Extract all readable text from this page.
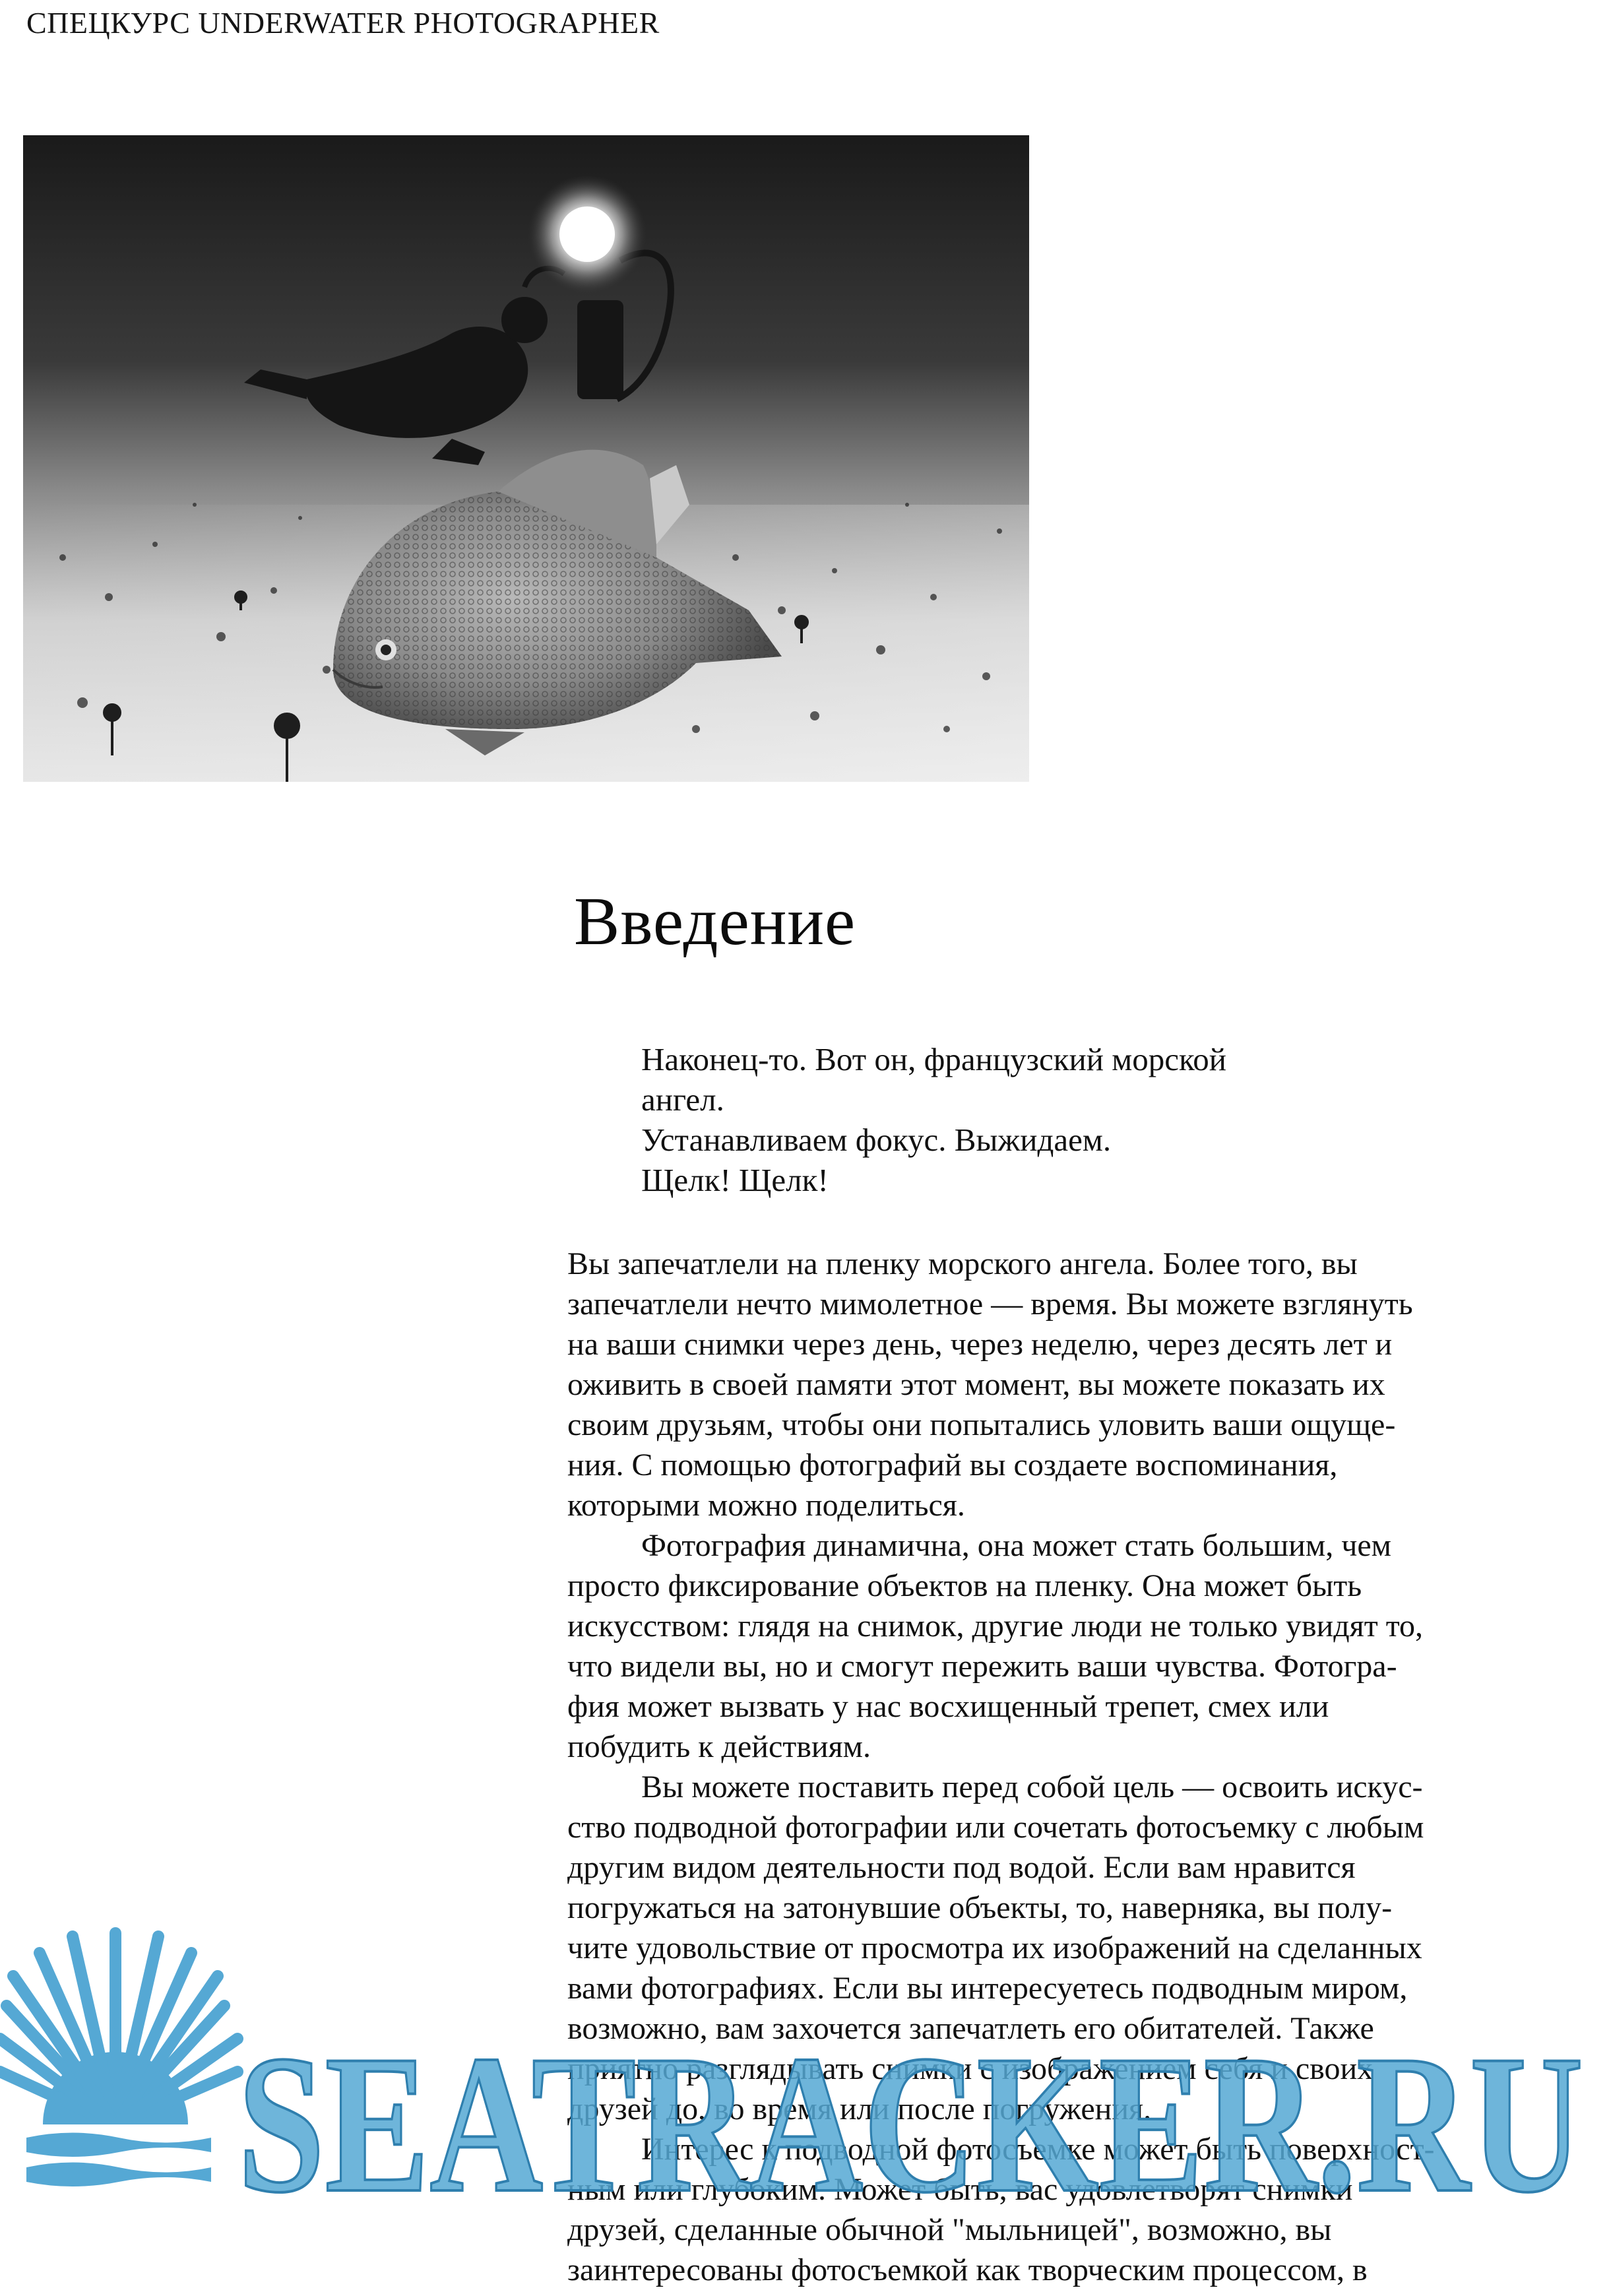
СПЕЦКУРС UNDERWATER PHOTOGRAPHER
Введение
Наконец-то. Вот он, французский морской
ангел.
Устанавливаем фокус. Выжидаем.
Щелк! Щелк!
Вы запечатлели на пленку морского ангела. Более того, вы
запечатлели нечто мимолетное — время. Вы можете взглянуть
на ваши снимки через день, через неделю, через десять лет и
оживить в своей памяти этот момент, вы можете показать их
своим друзьям, чтобы они попытались уловить ваши ощуще-
ния. С помощью фотографий вы создаете воспоминания,
которыми можно поделиться.
Фотография динамична, она может стать большим, чем
просто фиксирование объектов на пленку. Она может быть
искусством: глядя на снимок, другие люди не только увидят то,
что видели вы, но и смогут пережить ваши чувства. Фотогра-
фия может вызвать у нас восхищенный трепет, смех или
побудить к действиям.
Вы можете поставить перед собой цель — освоить искус-
ство подводной фотографии или сочетать фотосъемку с любым
другим видом деятельности под водой. Если вам нравится
погружаться на затонувшие объекты, то, наверняка, вы полу-
чите удовольствие от просмотра их изображений на сделанных
вами фотографиях. Если вы интересуетесь подводным миром,
возможно, вам захочется запечатлеть его обитателей. Также
приятно разглядывать снимки с изображением себя и своих
друзей до, во время или после погружения.
Интерес к подводной фотосъемке может быть поверхност-
ным или глубоким. Может быть, вас удовлетворят снимки
друзей, сделанные обычной "мыльницей", возможно, вы
заинтересованы фотосъемкой как творческим процессом, в
SEATRACKER.RU
